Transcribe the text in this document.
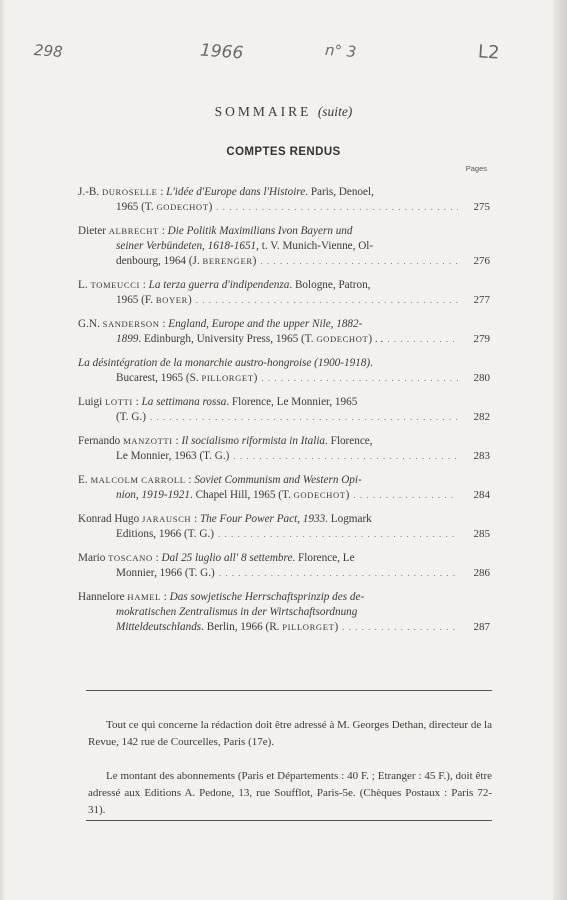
298	1966	n° 3	L2
SOMMAIRE (suite)
COMPTES RENDUS
Pages
J.-B. DUROSELLE : L'idée d'Europe dans l'Histoire. Paris, Denoel,
1965 (T. GODECHOT) . . .	275
Dieter ALBRECHT : Die Politik Maximilians Ivon Bayern und
seiner Verbündeten, 1618-1651, t. V. Munich-Vienne, Ol-
denbourg, 1964 (J. BERENGER) . . .	276
L. TOMEUCCI : La terza guerra d'indipendenza. Bologne, Patron,
1965 (F. BOYER) . . .	277
G.N. SANDERSON : England, Europe and the upper Nile, 1882-
1899. Edinburgh, University Press, 1965 (T. GODECHOT) . . . . .	279
La désintégration de la monarchie austro-hongroise (1900-1918).
Bucarest, 1965 (S. PILLORGET) . . .	280
Luigi LOTTI : La settimana rossa. Florence, Le Monnier, 1965
(T. G.) . . .	282
Fernando MANZOTTI : Il socialismo riformista in Italia. Florence,
Le Monnier, 1963 (T. G.) . . .	283
E. MALCOLM CARROLL : Soviet Communism and Western Opi-
nion, 1919-1921. Chapel Hill, 1965 (T. GODECHOT) . . .	284
Konrad Hugo JARAUSCH : The Four Power Pact, 1933. Logmark
Editions, 1966 (T. G.) . . .	285
Mario TOSCANO : Dal 25 luglio all' 8 settembre. Florence, Le
Monnier, 1966 (T. G.) . . .	286
Hannelore HAMEL : Das sowjetische Herrschaftsprinzip des de-
mokratischen Zentralismus in der Wirtschaftsordnung
Mitteldeutschlands. Berlin, 1966 (R. PILLORGET) . . .	287

Tout ce qui concerne la rédaction doit être adressé à M. Georges Dethan, directeur de la Revue, 142 rue de Courcelles, Paris (17e).

Le montant des abonnements (Paris et Départements : 40 F. ; Etranger : 45 F.), doit être adressé aux Editions A. Pedone, 13, rue Soufflot, Paris-5e. (Chèques Postaux : Paris 72-31).
